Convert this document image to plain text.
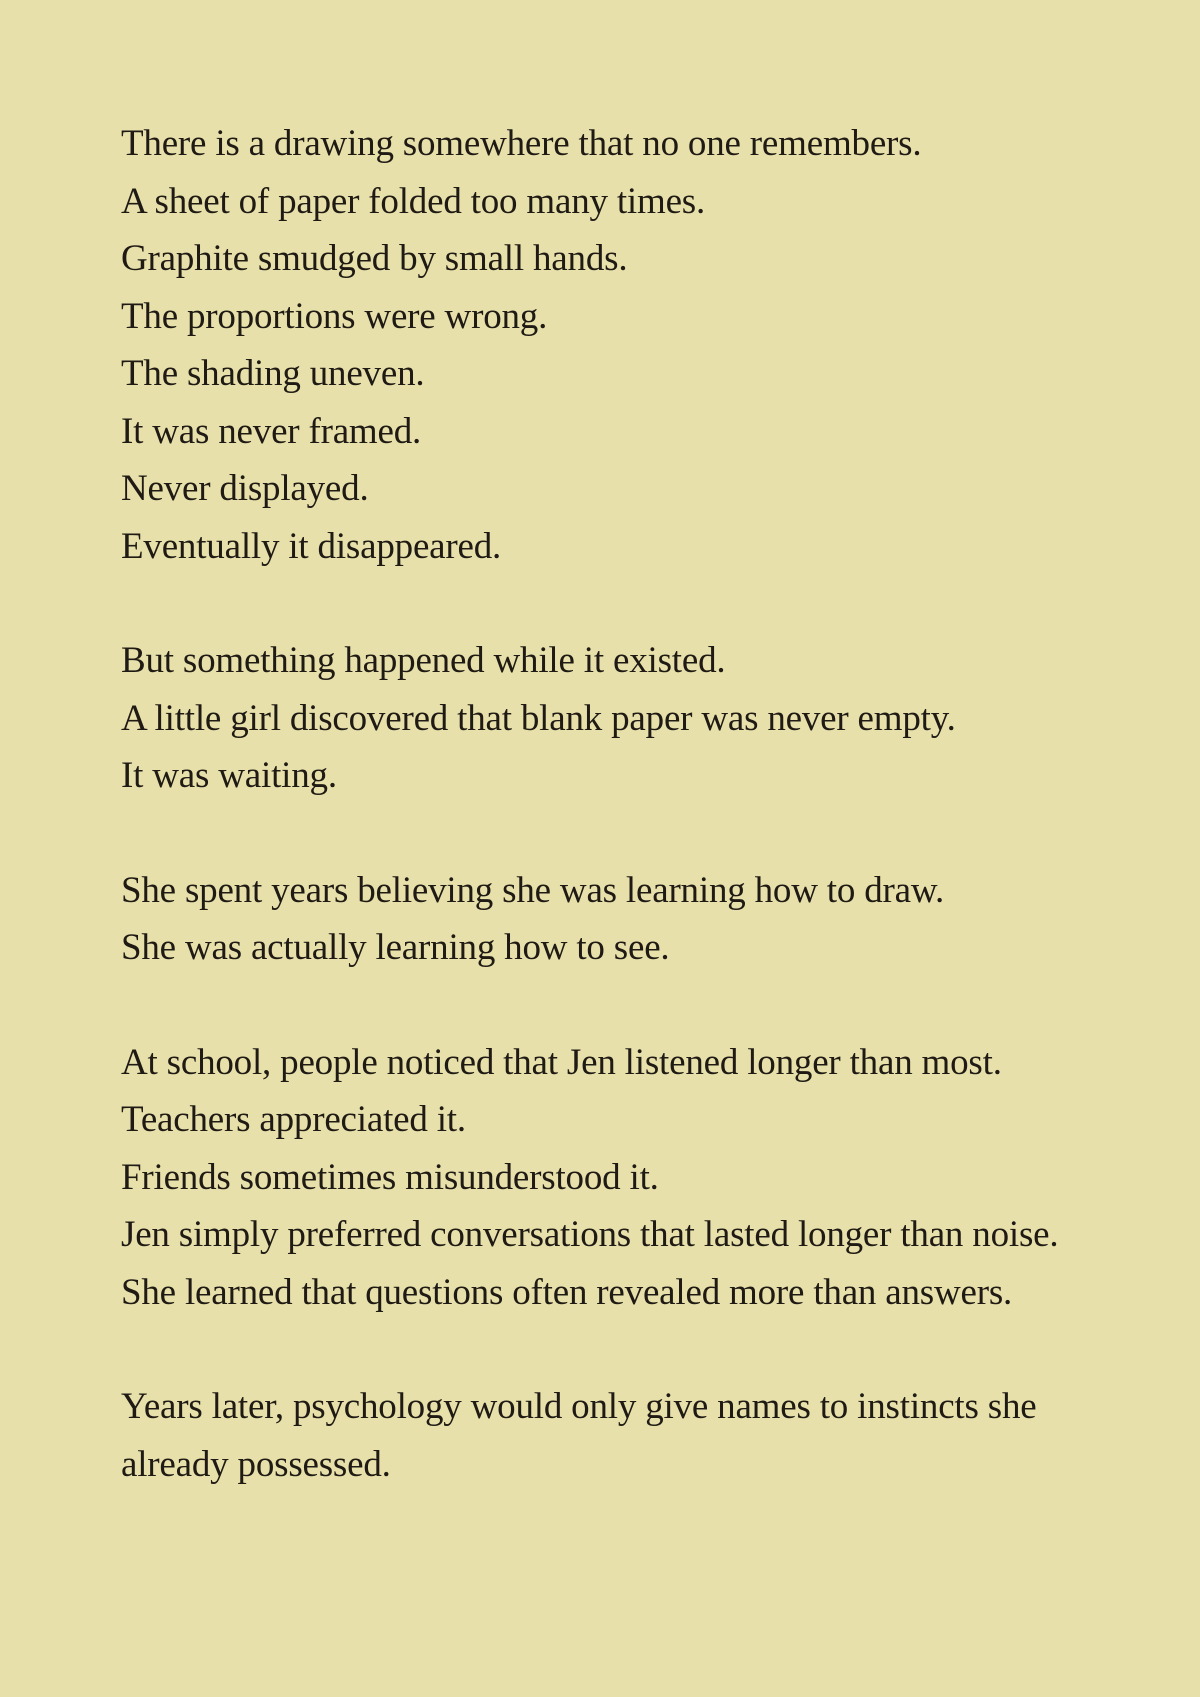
There is a drawing somewhere that no one remembers.
A sheet of paper folded too many times.
Graphite smudged by small hands.
The proportions were wrong.
The shading uneven.
It was never framed.
Never displayed.
Eventually it disappeared.
But something happened while it existed.
A little girl discovered that blank paper was never empty.
It was waiting.
She spent years believing she was learning how to draw.
She was actually learning how to see.
At school, people noticed that Jen listened longer than most.
Teachers appreciated it.
Friends sometimes misunderstood it.
Jen simply preferred conversations that lasted longer than noise. She learned that questions often revealed more than answers.
Years later, psychology would only give names to instincts she already possessed.
